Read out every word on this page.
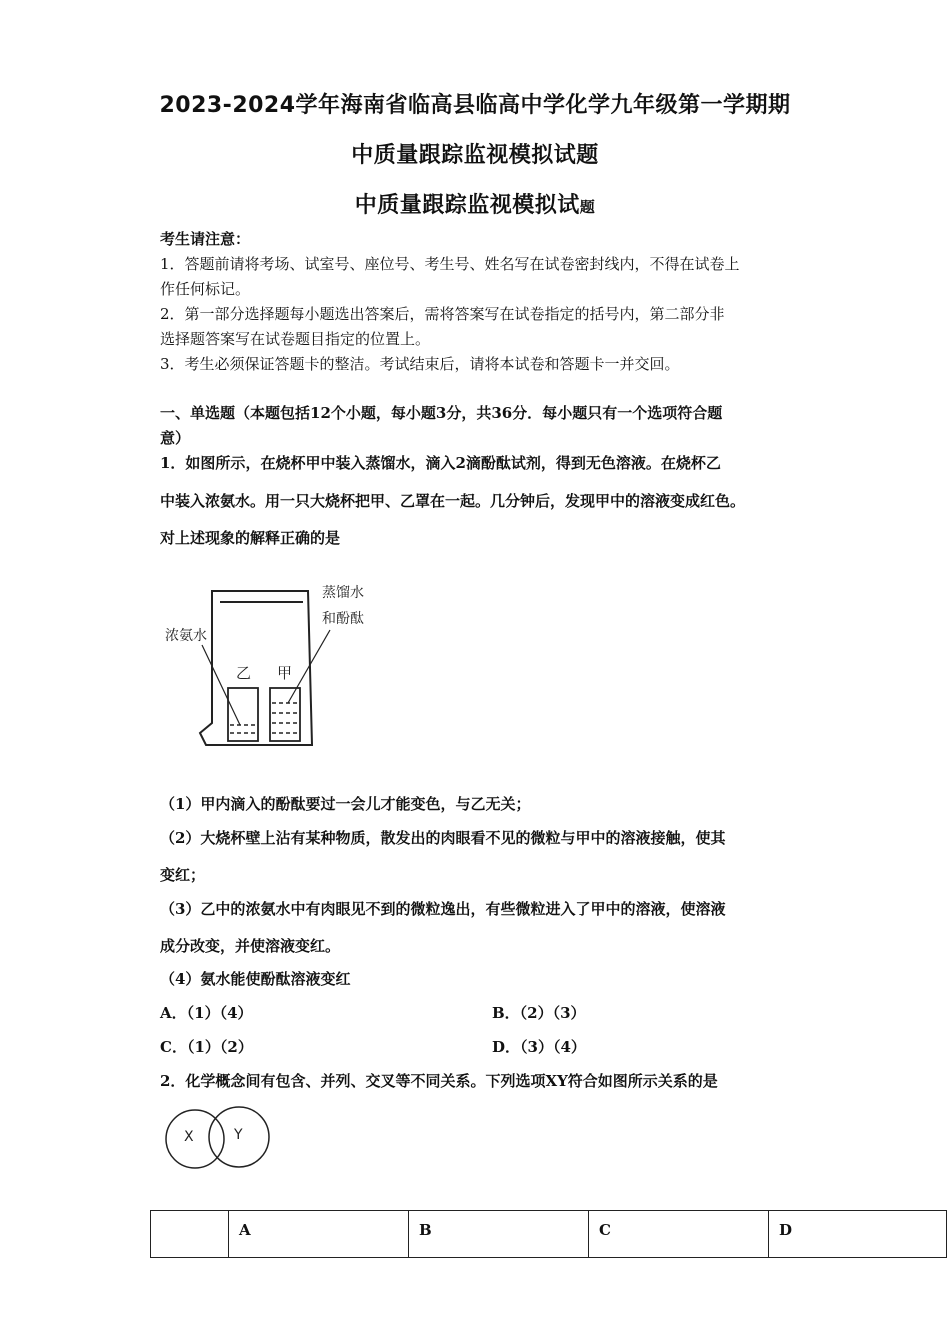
2023-2024学年海南省临高县临高中学化学九年级第一学期期
中质量跟踪监视模拟试题
中质量跟踪监视模拟试题
考生请注意：
1．答题前请将考场、试室号、座位号、考生号、姓名写在试卷密封线内，不得在试卷上
作任何标记。
2．第一部分选择题每小题选出答案后，需将答案写在试卷指定的括号内，第二部分非
选择题答案写在试卷题目指定的位置上。
3．考生必须保证答题卡的整洁。考试结束后，请将本试卷和答题卡一并交回。
一、单选题（本题包括12个小题，每小题3分，共36分．每小题只有一个选项符合题
意）
1．如图所示，在烧杯甲中装入蒸馏水，滴入2滴酚酞试剂，得到无色溶液。在烧杯乙
中装入浓氨水。用一只大烧杯把甲、乙罩在一起。几分钟后，发现甲中的溶液变成红色。
对上述现象的解释正确的是
浓氨水
蒸馏水
和酚酞
乙 甲
（1）甲内滴入的酚酞要过一会儿才能变色，与乙无关；
（2）大烧杯壁上沾有某种物质，散发出的肉眼看不见的微粒与甲中的溶液接触，使其
变红；
（3）乙中的浓氨水中有肉眼见不到的微粒逸出，有些微粒进入了甲中的溶液，使溶液
成分改变，并使溶液变红。
（4）氨水能使酚酞溶液变红
A．（1）（4）	B．（2）（3）
C．（1）（2）	D．（3）（4）
2．化学概念间有包含、并列、交叉等不同关系。下列选项XY符合如图所示关系的是
X	Y
	A	B	C	D
